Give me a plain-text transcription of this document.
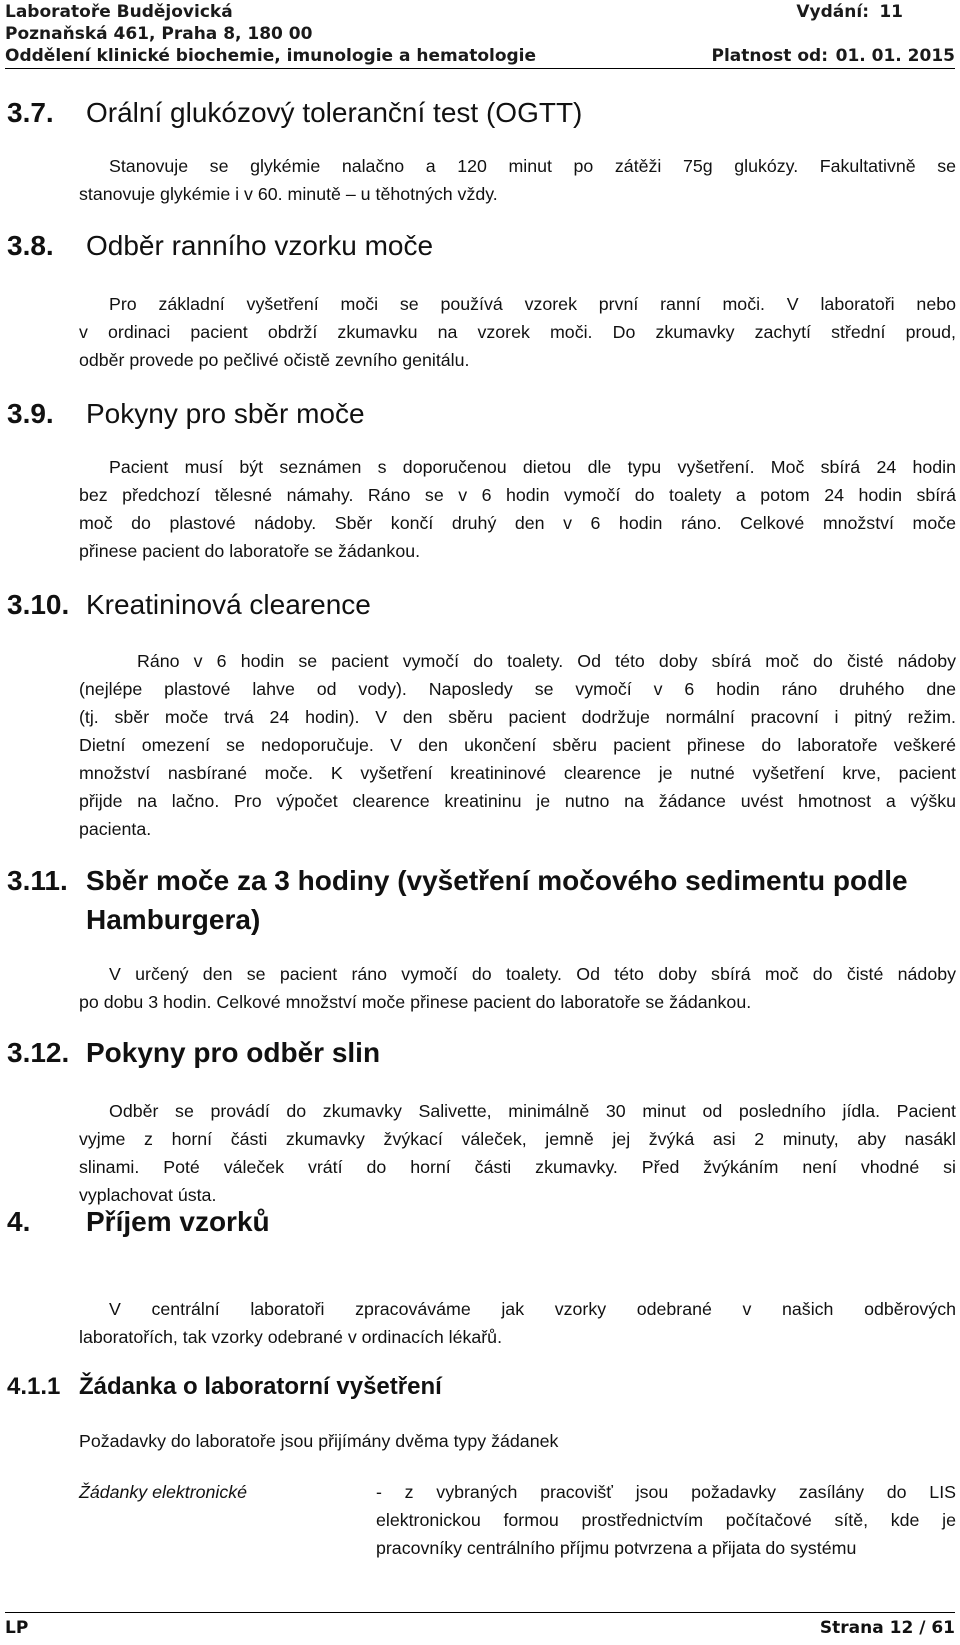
Laboratoře Budějovická	Vydání: 11
Poznaňská 461, Praha 8, 180 00
Oddělení klinické biochemie, imunologie a hematologie	Platnost od: 01. 01. 2015
3.7. Orální glukózový toleranční test (OGTT)
Stanovuje se glykémie nalačno a 120 minut po zátěži 75g glukózy. Fakultativně se
stanovuje glykémie i v 60. minutě – u těhotných vždy.
3.8. Odběr ranního vzorku moče
Pro základní vyšetření moči se používá vzorek první ranní moči. V laboratoři nebo
v ordinaci pacient obdrží zkumavku na vzorek moči. Do zkumavky zachytí střední proud,
odběr provede po pečlivé očistě zevního genitálu.
3.9. Pokyny pro sběr moče
Pacient musí být seznámen s doporučenou dietou dle typu vyšetření. Moč sbírá 24 hodin
bez předchozí tělesné námahy. Ráno se v 6 hodin vymočí do toalety a potom 24 hodin sbírá
moč do plastové nádoby. Sběr končí druhý den v 6 hodin ráno. Celkové množství moče
přinese pacient do laboratoře se žádankou.
3.10. Kreatininová clearence
Ráno v 6 hodin se pacient vymočí do toalety. Od této doby sbírá moč do čisté nádoby
(nejlépe plastové lahve od vody). Naposledy se vymočí v 6 hodin ráno druhého dne
(tj. sběr moče trvá 24 hodin). V den sběru pacient dodržuje normální pracovní i pitný režim.
Dietní omezení se nedoporučuje. V den ukončení sběru pacient přinese do laboratoře veškeré
množství nasbírané moče. K vyšetření kreatininové clearence je nutné vyšetření krve, pacient
přijde na lačno. Pro výpočet clearence kreatininu je nutno na žádance uvést hmotnost a výšku
pacienta.
3.11. Sběr moče za 3 hodiny (vyšetření močového sedimentu podle
Hamburgera)
V určený den se pacient ráno vymočí do toalety. Od této doby sbírá moč do čisté nádoby
po dobu 3 hodin. Celkové množství moče přinese pacient do laboratoře se žádankou.
3.12. Pokyny pro odběr slin
Odběr se provádí do zkumavky Salivette, minimálně 30 minut od posledního jídla. Pacient
vyjme z horní části zkumavky žvýkací váleček, jemně jej žvýká asi 2 minuty, aby nasákl
slinami. Poté váleček vrátí do horní části zkumavky. Před žvýkáním není vhodné si
vyplachovat ústa.
4. Příjem vzorků
V centrální laboratoři zpracováváme jak vzorky odebrané v našich odběrových
laboratořích, tak vzorky odebrané v ordinacích lékařů.
4.1.1 Žádanka o laboratorní vyšetření
Požadavky do laboratoře jsou přijímány dvěma typy žádanek
Žádanky elektronické	- z vybraných pracovišť jsou požadavky zasílány do LIS
elektronickou formou prostřednictvím počítačové sítě, kde je
pracovníky centrálního příjmu potvrzena a přijata do systému
LP	Strana 12 / 61
